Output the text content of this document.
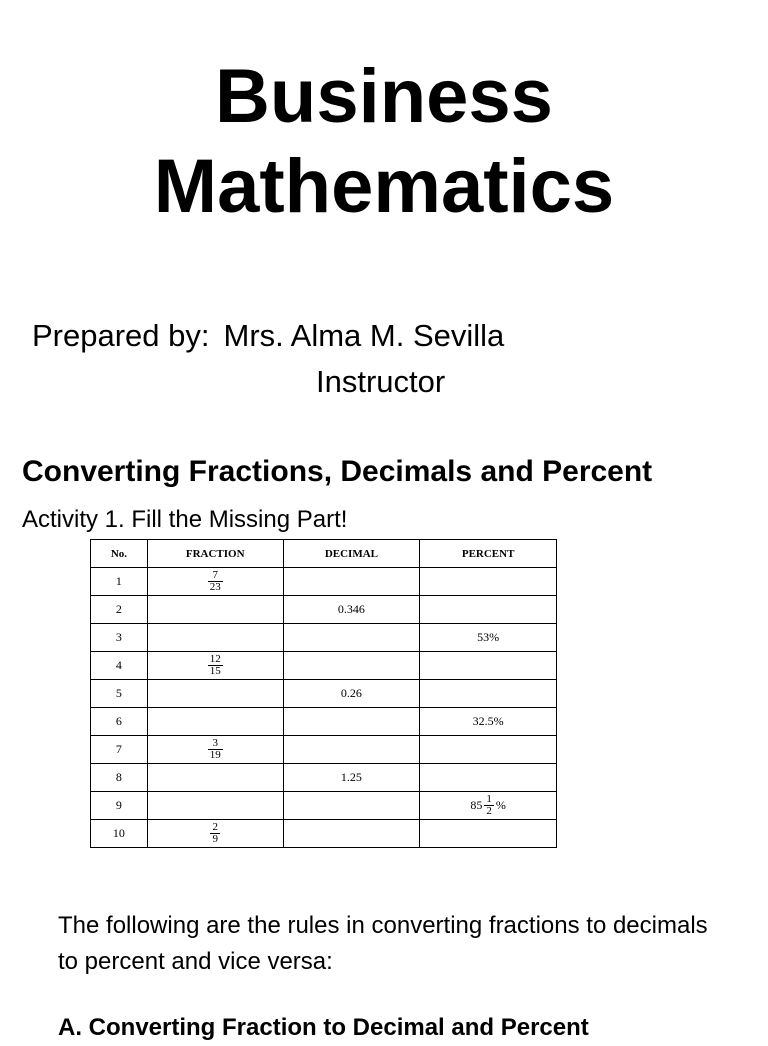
Business
Mathematics
Prepared by: Mrs. Alma M. Sevilla
Instructor
Converting Fractions, Decimals and Percent
Activity 1. Fill the Missing Part!
No.	FRACTION	DECIMAL	PERCENT
1	$\frac{7}{23}$

2		0.346	
3			53%
4	$\frac{12}{15}$

5		0.26	
6			32.5%
7	$\frac{3}{19}$

8		1.25	
9			$85 \frac{1}{2}$ %

10	$\frac{2}{9}$

The following are the rules in converting fractions to decimals to percent and vice versa:
A. Converting Fraction to Decimal and Percent
